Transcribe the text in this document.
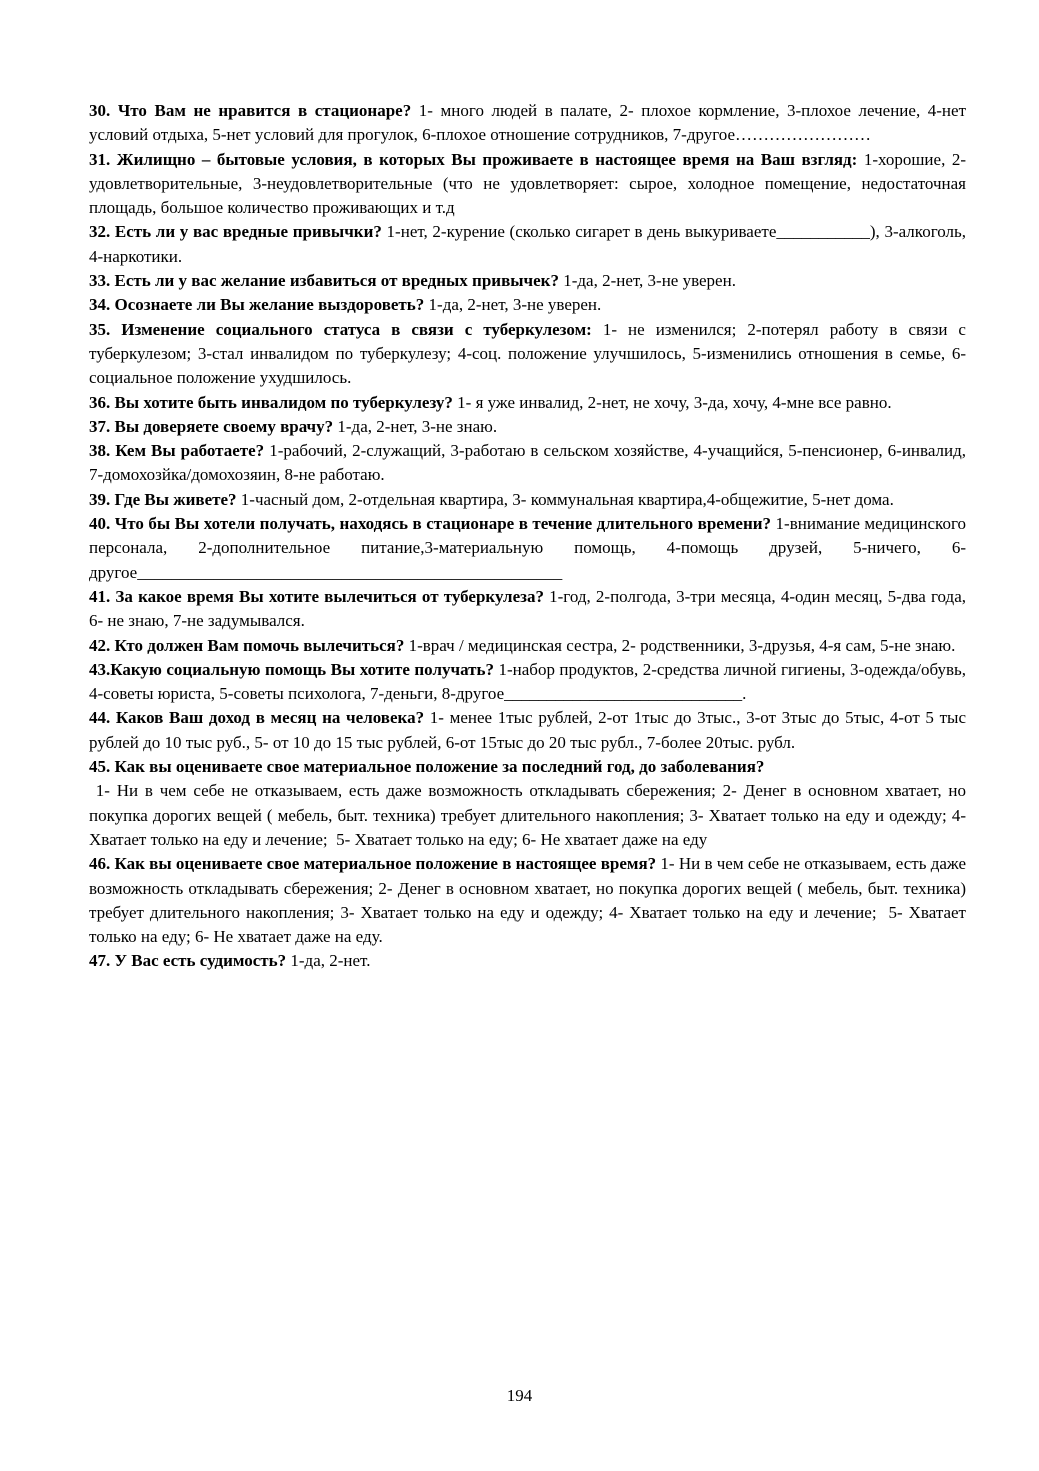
30. Что Вам не нравится в стационаре? 1- много людей в палате, 2- плохое кормление, 3-плохое лечение, 4-нет условий отдыха, 5-нет условий для прогулок, 6-плохое отношение сотрудников, 7-другое……………………

31. Жилищно – бытовые условия, в которых Вы проживаете в настоящее время на Ваш взгляд: 1-хорошие, 2-удовлетворительные, 3-неудовлетворительные (что не удовлетворяет: сырое, холодное помещение, недостаточная площадь, большое количество проживающих и т.д

32. Есть ли у вас вредные привычки? 1-нет, 2-курение (сколько сигарет в день выкуриваете___________), 3-алкоголь, 4-наркотики.

33. Есть ли у вас желание избавиться от вредных привычек? 1-да, 2-нет, 3-не уверен.

34. Осознаете ли Вы желание выздороветь? 1-да, 2-нет, 3-не уверен.

35. Изменение социального статуса в связи с туберкулезом: 1- не изменился; 2-потерял работу в связи с туберкулезом; 3-стал инвалидом по туберкулезу; 4-соц. положение улучшилось, 5-изменились отношения в семье, 6-социальное положение ухудшилось.

36. Вы хотите быть инвалидом по туберкулезу? 1- я уже инвалид, 2-нет, не хочу, 3-да, хочу, 4-мне все равно.

37. Вы доверяете своему врачу? 1-да, 2-нет, 3-не знаю.

38. Кем Вы работаете? 1-рабочий, 2-служащий, 3-работаю в сельском хозяйстве, 4-учащийся, 5-пенсионер, 6-инвалид, 7-домохозйка/домохозяин, 8-не работаю.

39. Где Вы живете? 1-часный дом, 2-отдельная квартира, 3- коммунальная квартира,4-общежитие, 5-нет дома.

40. Что бы Вы хотели получать, находясь в стационаре в течение длительного времени? 1-внимание медицинского персонала, 2-дополнительное питание,3-материальную помощь, 4-помощь друзей, 5-ничего, 6-другое__________________________________________________

41. За какое время Вы хотите вылечиться от туберкулеза? 1-год, 2-полгода, 3-три месяца, 4-один месяц, 5-два года, 6- не знаю, 7-не задумывался.

42. Кто должен Вам помочь вылечиться? 1-врач / медицинская сестра, 2- родственники, 3-друзья, 4-я сам, 5-не знаю.

43.Какую социальную помощь Вы хотите получать? 1-набор продуктов, 2-средства личной гигиены, 3-одежда/обувь, 4-советы юриста, 5-советы психолога, 7-деньги, 8-другое____________________________.

44. Каков Ваш доход в месяц на человека? 1- менее 1тыс рублей, 2-от 1тыс до 3тыс., 3-от 3тыс до 5тыс, 4-от 5 тыс рублей до 10 тыс руб., 5- от 10 до 15 тыс рублей, 6-от 15тыс до 20 тыс рубл., 7-более 20тыс. рубл.

45. Как вы оцениваете свое материальное положение за последний год, до заболевания?
1- Ни в чем себе не отказываем, есть даже возможность откладывать сбережения; 2- Денег в основном хватает, но покупка дорогих вещей ( мебель, быт. техника) требует длительного накопления; 3- Хватает только на еду и одежду; 4- Хватает только на еду и лечение;  5- Хватает только на еду; 6- Не хватает даже на еду

46. Как вы оцениваете свое материальное положение в настоящее время? 1- Ни в чем себе не отказываем, есть даже возможность откладывать сбережения; 2- Денег в основном хватает, но покупка дорогих вещей ( мебель, быт. техника) требует длительного накопления; 3- Хватает только на еду и одежду; 4- Хватает только на еду и лечение;  5- Хватает только на еду; 6- Не хватает даже на еду.

47. У Вас есть судимость? 1-да, 2-нет.

194
